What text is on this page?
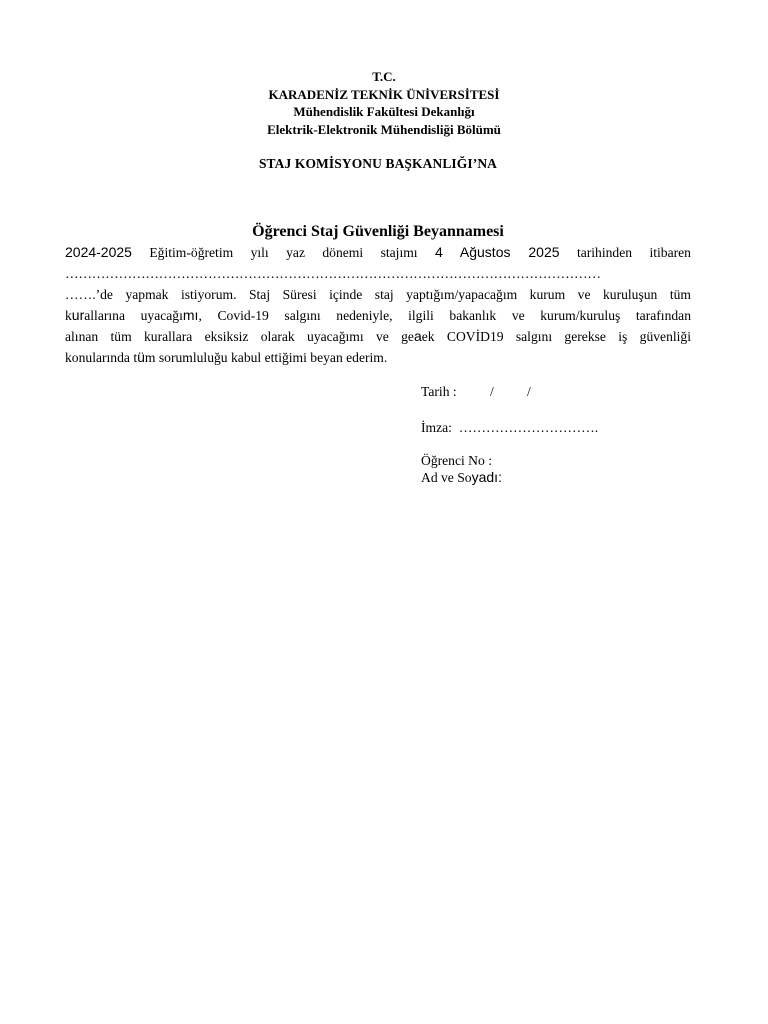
T.C.
KARADENİZ TEKNİK ÜNİVERSİTESİ
Mühendislik Fakültesi Dekanlığı
Elektrik-Elektronik Mühendisliği Bölümü
STAJ KOMİSYONU BAŞKANLIĞI’NA
Öğrenci Staj Güvenliği Beyannamesi
2024-2025 Eğitim-öğretim yılı yaz dönemi stajımı 4 Ağustos 2025 tarihinden itibaren
…………………………………………………………………………………………………………
…….’de yapmak istiyorum. Staj Süresi içinde staj yaptığım/yapacağım kurum ve kuruluşun tüm
kurallarına uyacağımı, Covid-19 salgını nedeniyle, ilgili bakanlık ve kurum/kuruluş tarafından
alınan tüm kurallara eksiksiz olarak uyacağımı ve geaek COVİD19 salgını gerekse iş güvenliği
konularında tüm sorumluluğu kabul ettiğimi beyan ederim.
Tarih : / /
İmza: ………………………….
Öğrenci No :
Ad ve Soyadı:
